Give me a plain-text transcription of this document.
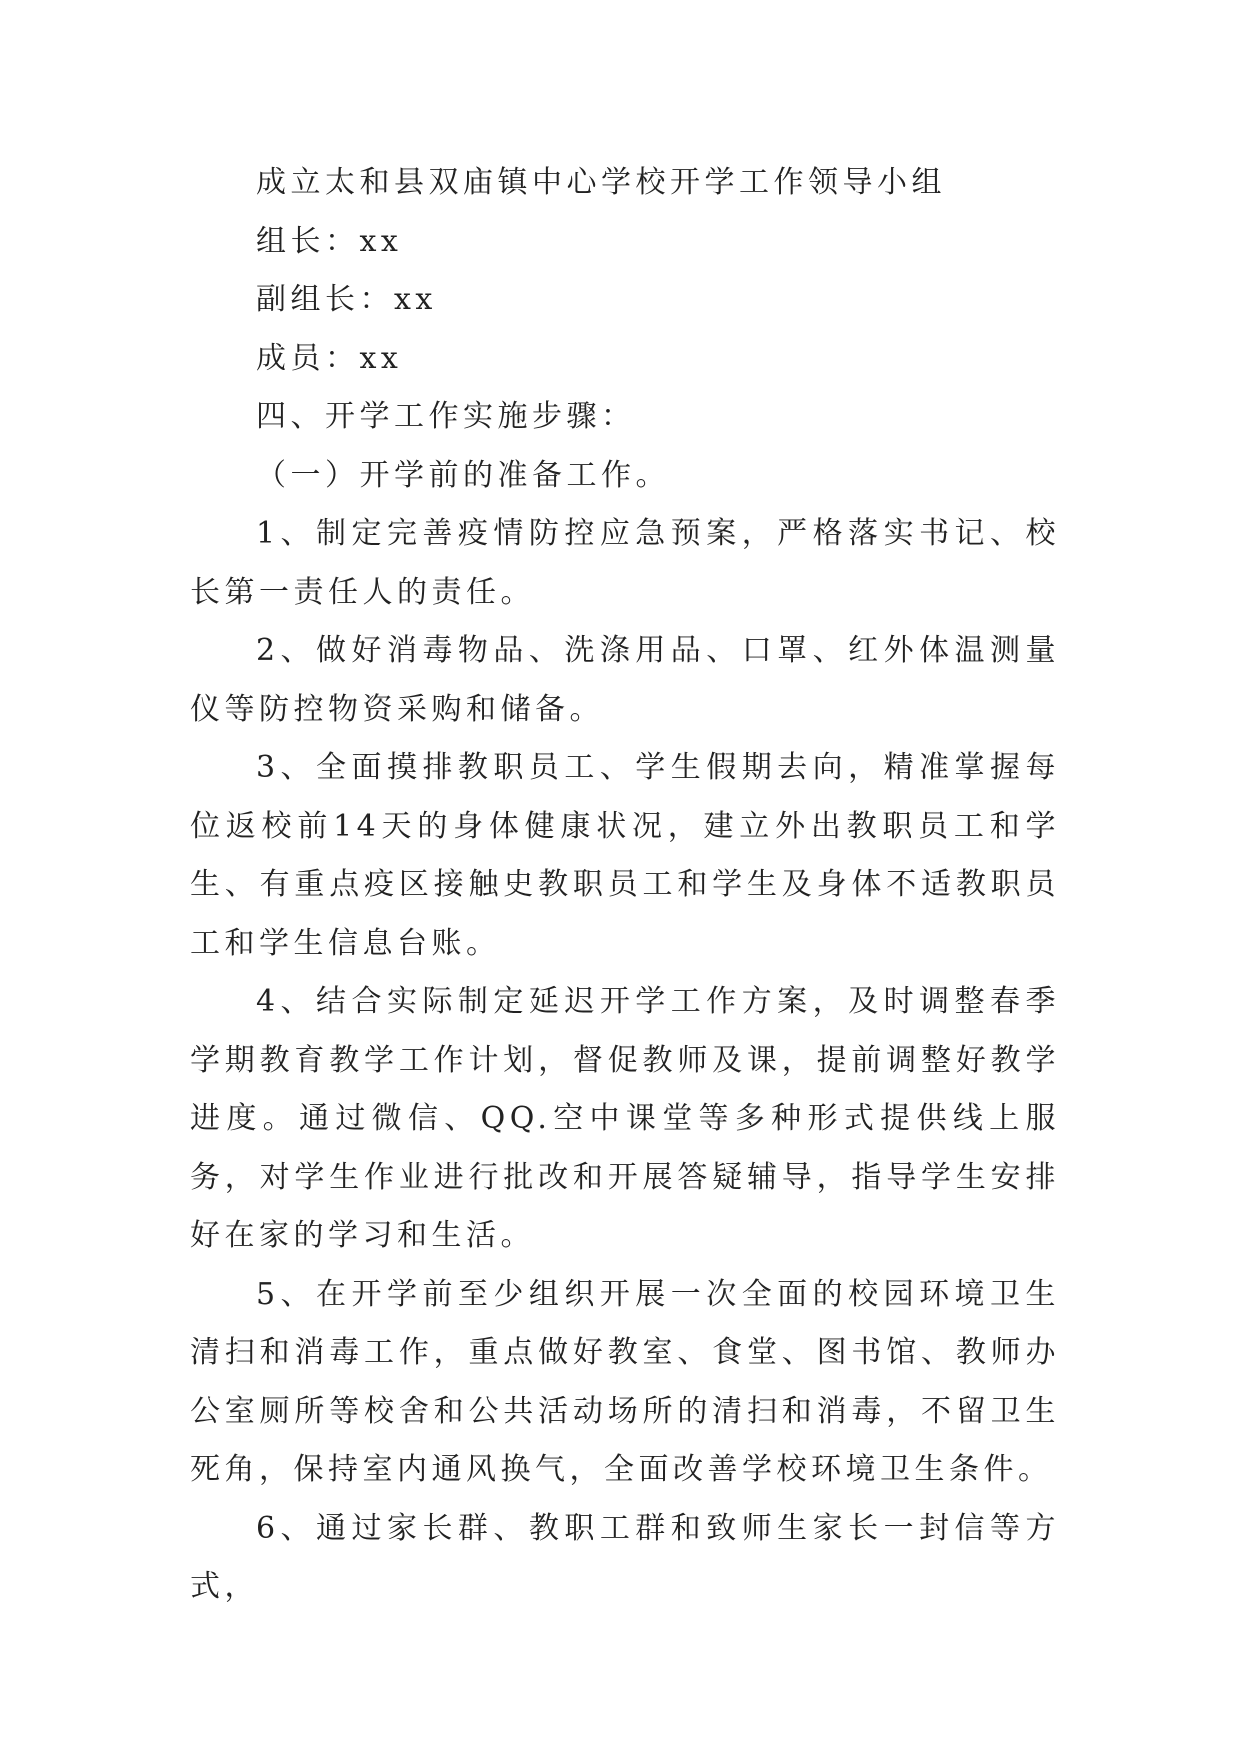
成立太和县双庙镇中心学校开学工作领导小组

组长：xx

副组长：xx

成员：xx

四、开学工作实施步骤：

（一）开学前的准备工作。

1、制定完善疫情防控应急预案，严格落实书记、校长第一责任人的责任。

2、做好消毒物品、洗涤用品、口罩、红外体温测量仪等防控物资采购和储备。

3、全面摸排教职员工、学生假期去向，精准掌握每位返校前14天的身体健康状况，建立外出教职员工和学生、有重点疫区接触史教职员工和学生及身体不适教职员工和学生信息台账。

4、结合实际制定延迟开学工作方案，及时调整春季学期教育教学工作计划，督促教师及课，提前调整好教学进度。通过微信、QQ.空中课堂等多种形式提供线上服务，对学生作业进行批改和开展答疑辅导，指导学生安排好在家的学习和生活。

5、在开学前至少组织开展一次全面的校园环境卫生清扫和消毒工作，重点做好教室、食堂、图书馆、教师办公室厕所等校舍和公共活动场所的清扫和消毒，不留卫生死角，保持室内通风换气，全面改善学校环境卫生条件。

6、通过家长群、教职工群和致师生家长一封信等方式，
